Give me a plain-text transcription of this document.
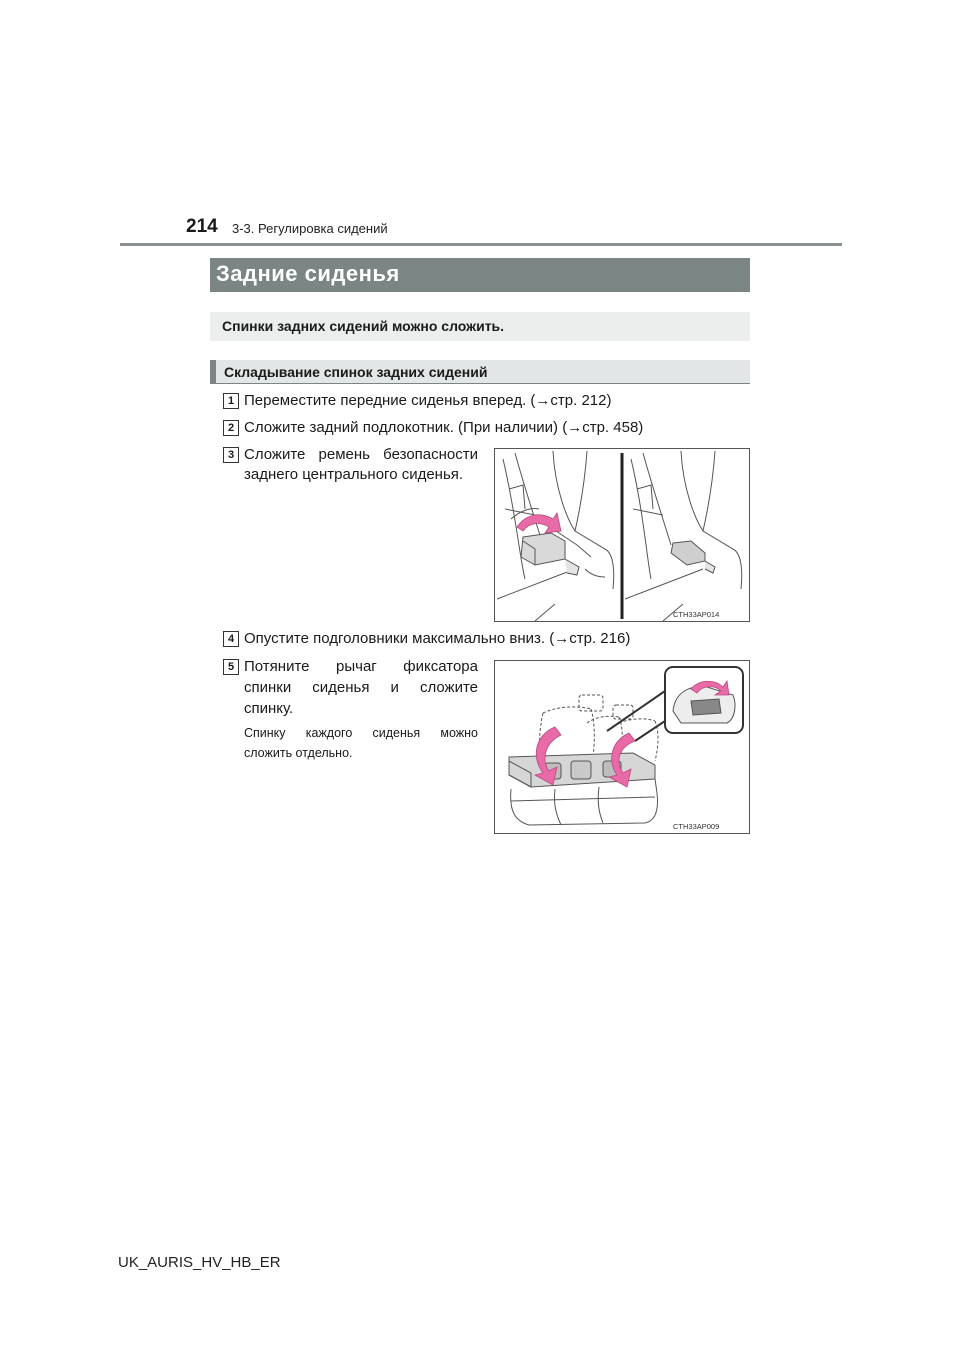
214 3-3. Регулировка сидений
Задние сиденья
Спинки задних сидений можно сложить.
Складывание спинок задних сидений
1 Переместите передние сиденья вперед. (→стр. 212)
2 Сложите задний подлокотник. (При наличии) (→стр. 458)
3 Сложите ремень безопасности
заднего центрального сиденья.
CTH33AP014
4 Опустите подголовники максимально вниз. (→стр. 216)
5 Потяните рычаг фиксатора
спинки сиденья и сложите
спинку.
Спинку каждого сиденья можно
сложить отдельно.
CTH33AP009
UK_AURIS_HV_HB_ER
